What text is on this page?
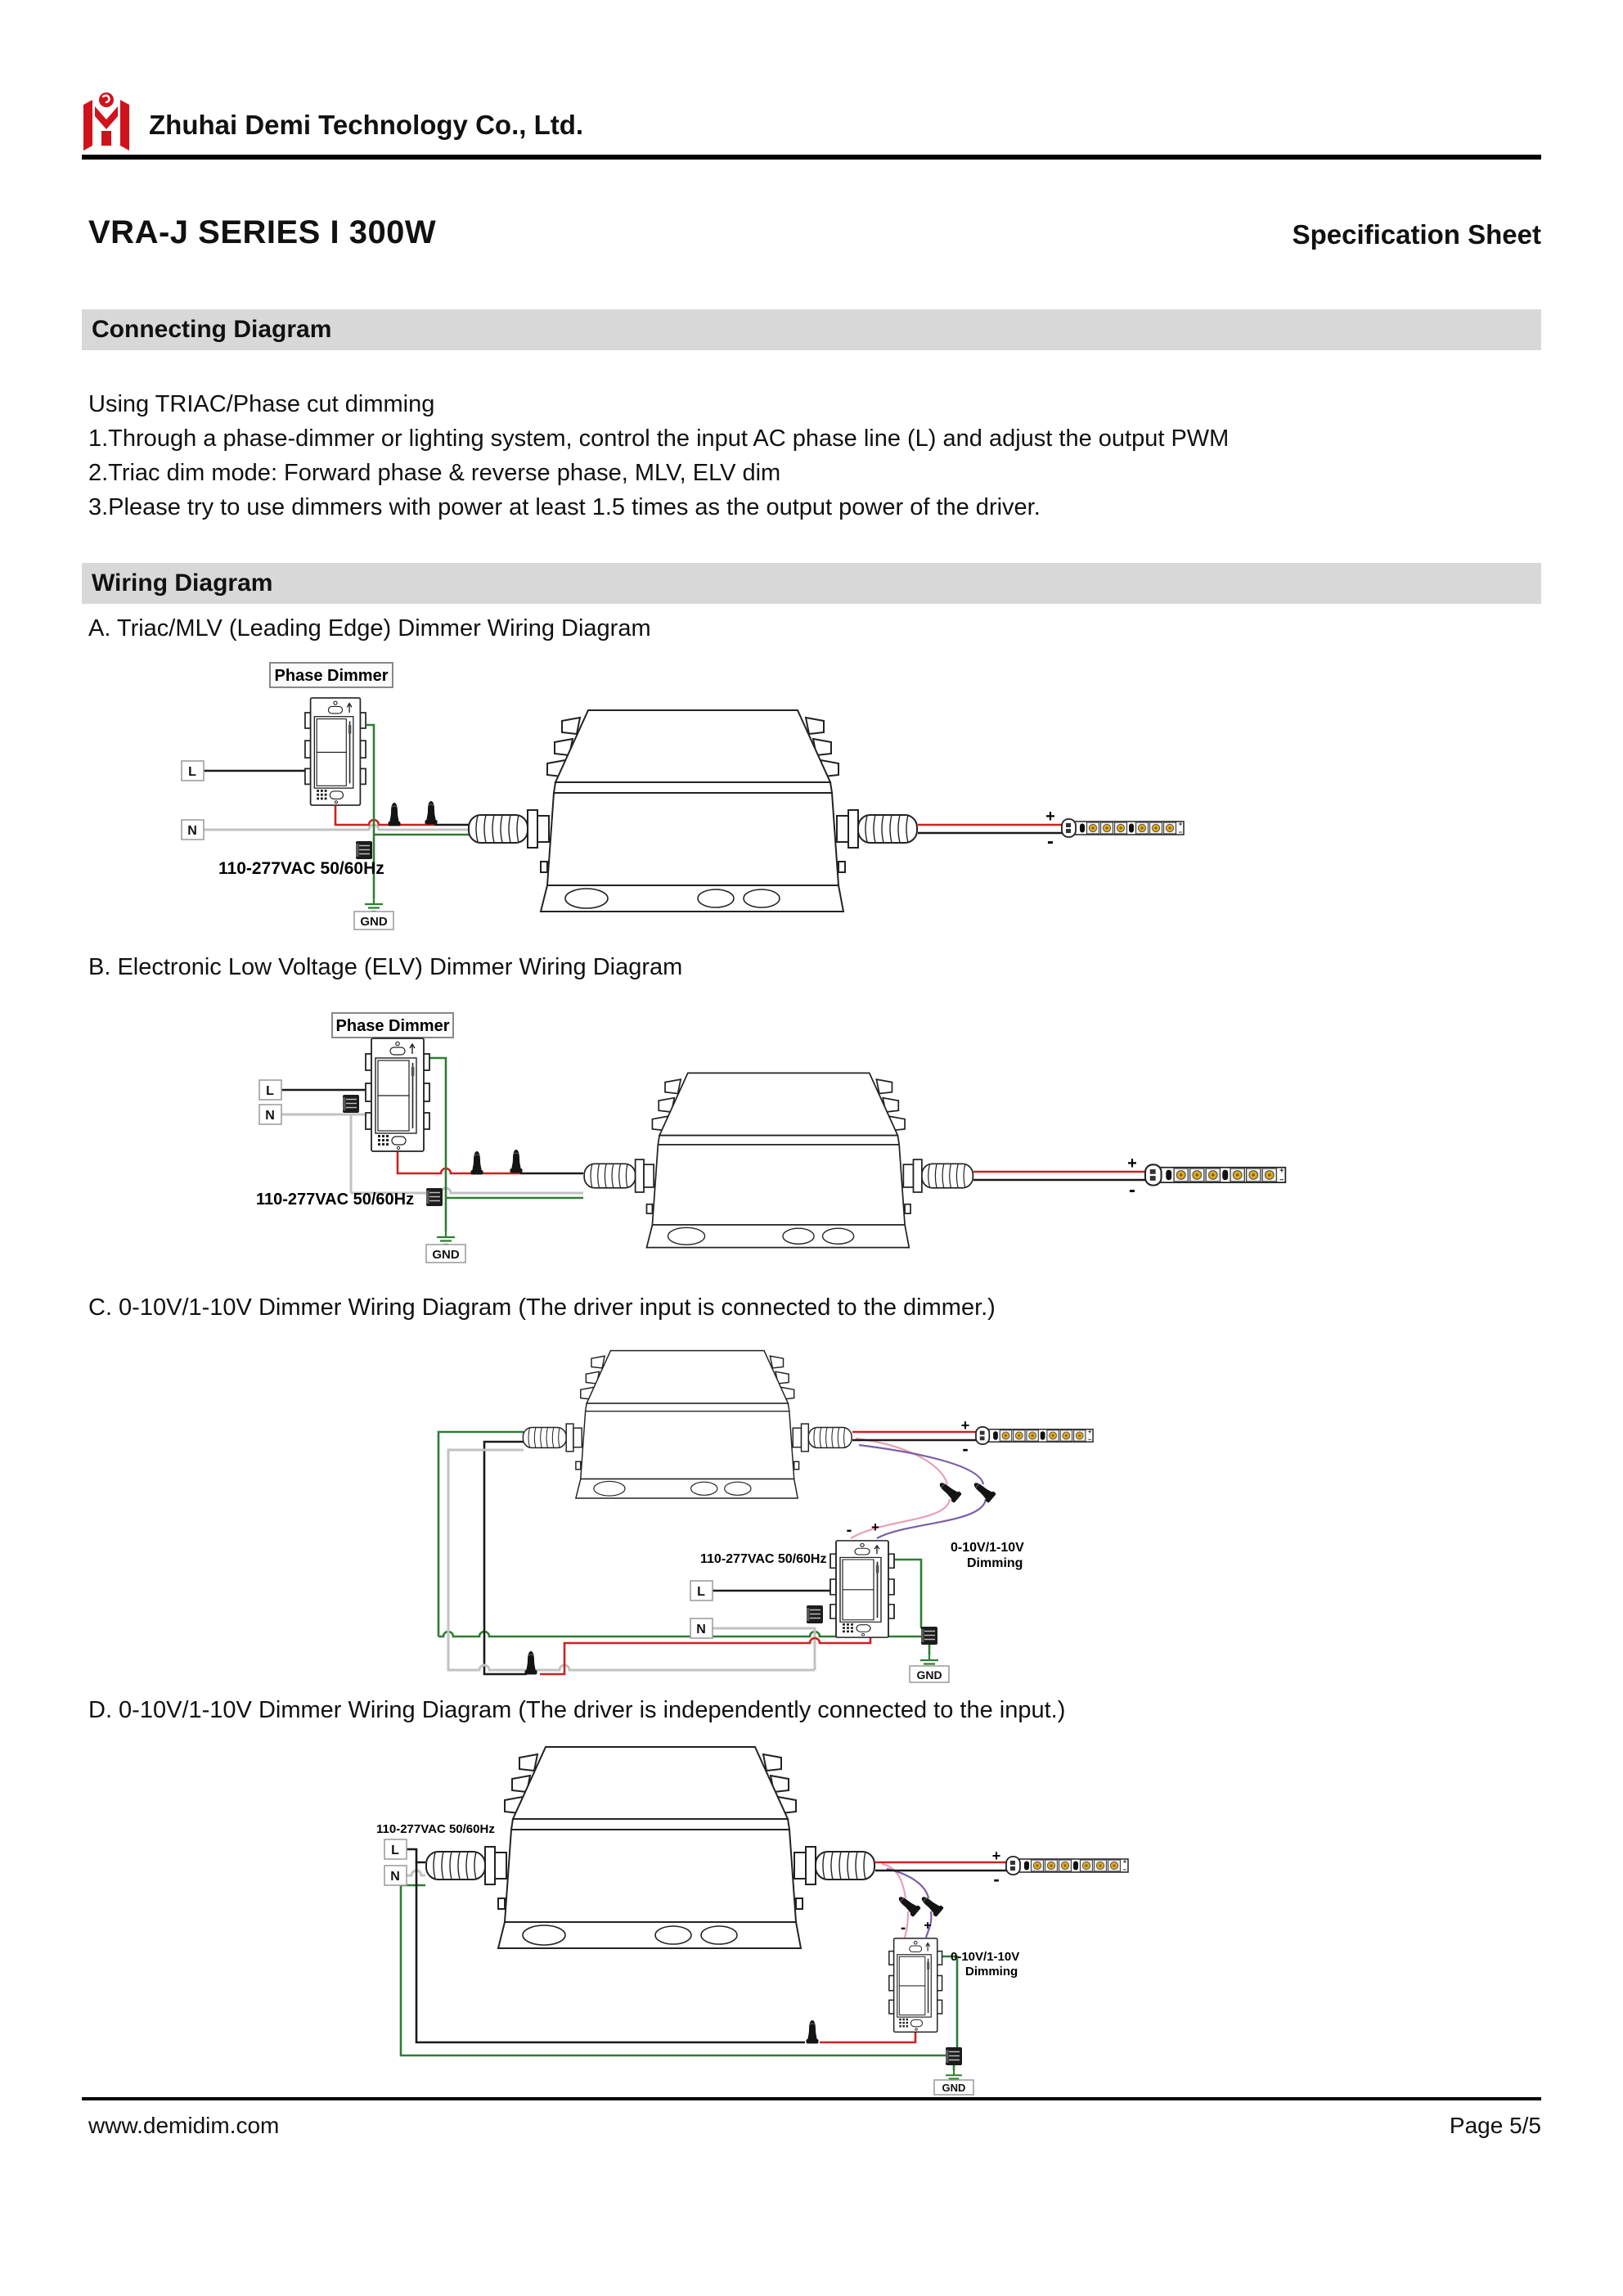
Zhuhai Demi Technology Co., Ltd.
VRA-J SERIES I 300W	Specification Sheet
Connecting Diagram
Using TRIAC/Phase cut dimming
1.Through a phase-dimmer or lighting system, control the input AC phase line (L) and adjust the output PWM
2.Triac dim mode: Forward phase & reverse phase, MLV, ELV dim
3.Please try to use dimmers with power at least 1.5 times as the output power of the driver.
Wiring Diagram
A. Triac/MLV (Leading Edge) Dimmer Wiring Diagram
B. Electronic Low Voltage (ELV) Dimmer Wiring Diagram
C. 0-10V/1-10V Dimmer Wiring Diagram (The driver input is connected to the dimmer.)
D. 0-10V/1-10V Dimmer Wiring Diagram (The driver is independently connected to the input.)
Phase Dimmer
L
N
110-277VAC 50/60Hz
GND
+
-
Phase Dimmer
L
N
110-277VAC 50/60Hz
GND
+
-
+
-
- +
0-10V/1-10V
Dimming
110-277VAC 50/60Hz
L
N
GND
110-277VAC 50/60Hz
L
N
+
-
- +
0-10V/1-10V
Dimming
GND
www.demidim.com	Page 5/5
